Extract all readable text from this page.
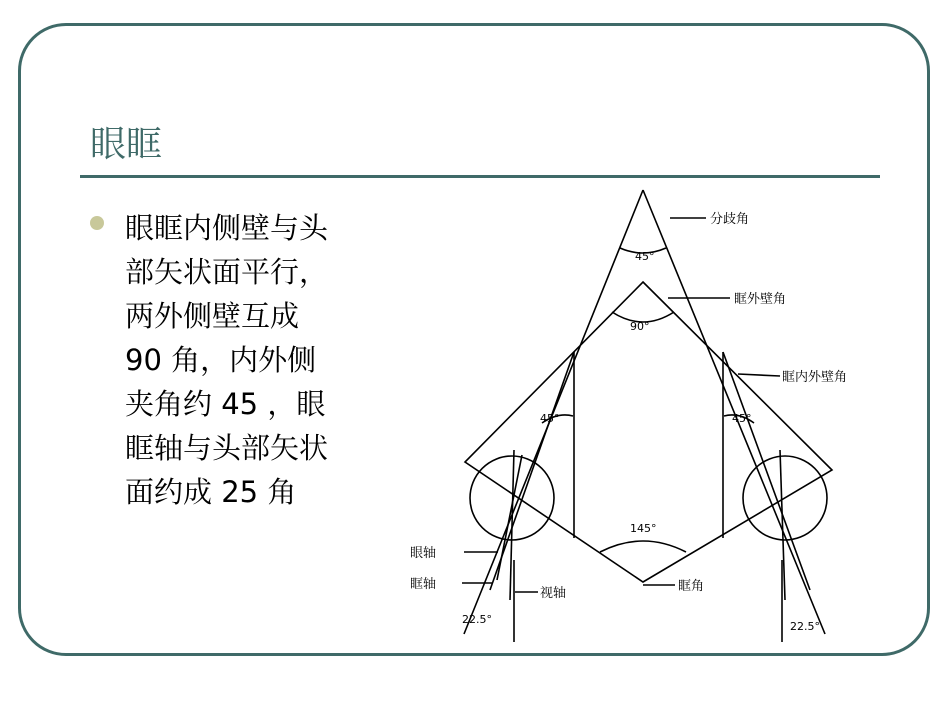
眼眶
眼眶内侧壁与头
部矢状面平行，
两外侧壁互成
90 角，内外侧
夹角约 45 ，眼
眶轴与头部矢状
面约成 25 角
分歧角
眶外壁角
眶内外壁角
眼轴
眶轴
视轴	眶角
45°
90°
45°	45°
145°
22.5°
22.5°
